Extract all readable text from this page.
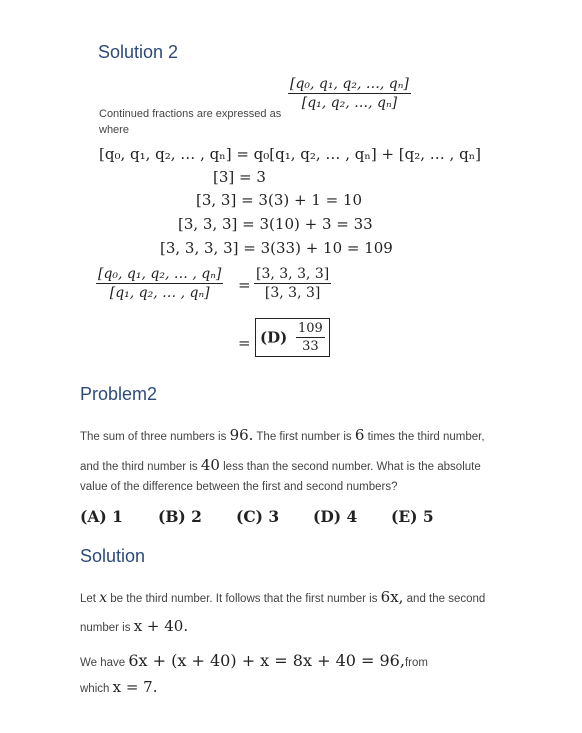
Solution 2
$\frac{\text{[q₀, q₁, q₂, …, qₙ]}}{\text{[q₁, q₂, …, qₙ]}}$
Continued fractions are expressed as
where
[q₀, q₁, q₂, … , qₙ] = q₀[q₁, q₂, … , qₙ] + [q₂, … , qₙ]
[3] = 3
[3, 3] = 3(3) + 1 = 10
[3, 3, 3] = 3(10) + 3 = 33
[3, 3, 3, 3] = 3(33) + 10 = 109
$\frac{\text{[q₀, q₁, q₂, … , qₙ]}}{\text{[q₁, q₂, … , qₙ]}} = \frac{[3, 3, 3, 3]}{[3, 3, 3]}$
= $(D) \frac{109}{33}$
Problem2
The sum of three numbers is 96. The first number is 6 times the third number,
and the third number is 40 less than the second number. What is the absolute
value of the difference between the first and second numbers?
(A) 1 (B) 2 (C) 3 (D) 4 (E) 5
Solution
Let x be the third number. It follows that the first number is 6x, and the second
number is x + 40.
We have 6x + (x + 40) + x = 8x + 40 = 96,from
which x = 7.
